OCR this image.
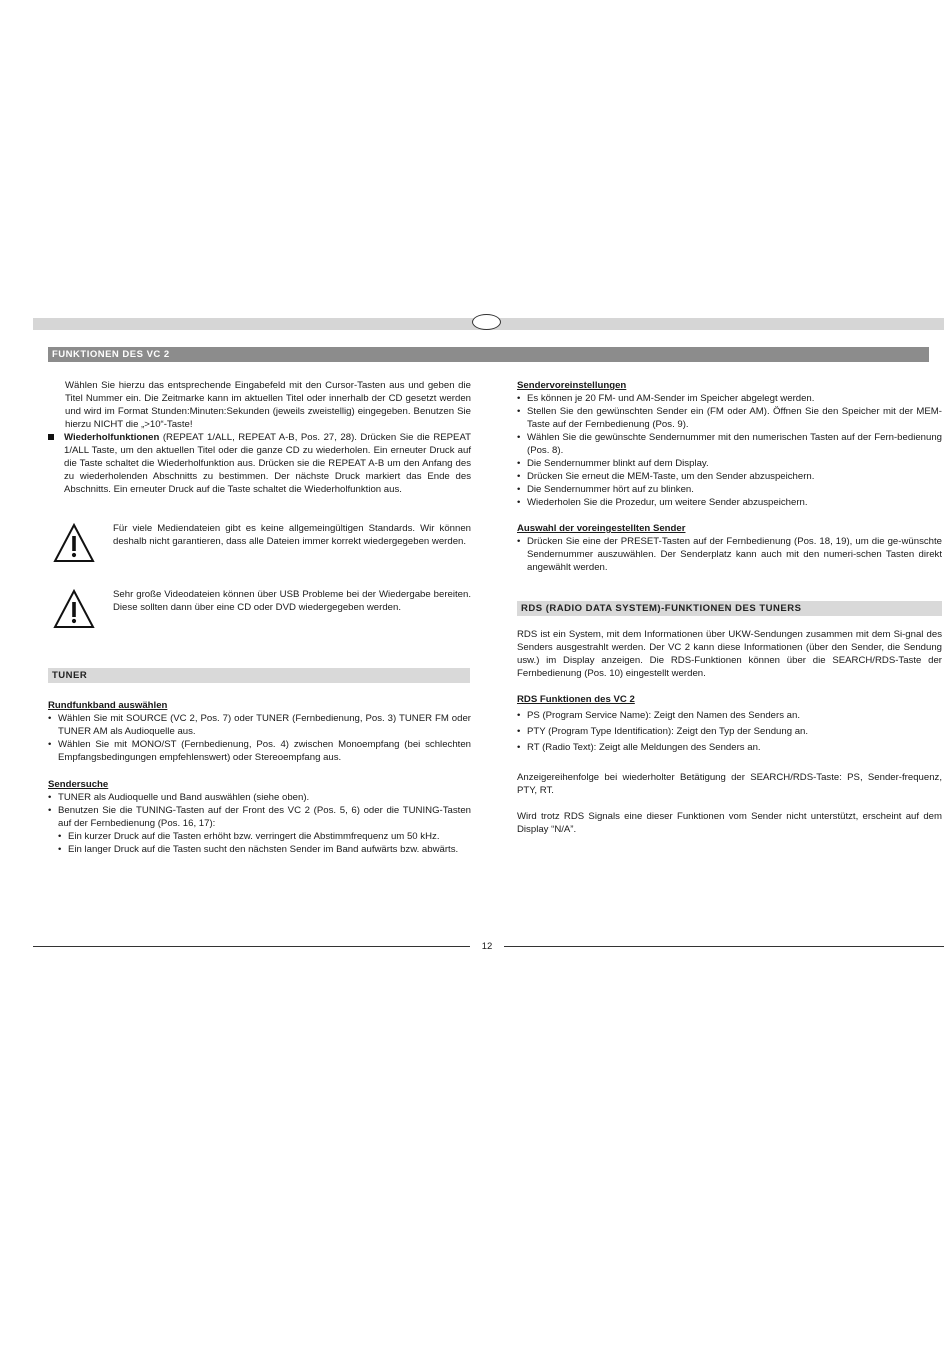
FUNKTIONEN DES VC 2

Wählen Sie hierzu das entsprechende Eingabefeld mit den Cursor-Tasten aus und geben die Titel Nummer ein. Die Zeitmarke kann im aktuellen Titel oder innerhalb der CD gesetzt werden und wird im Format Stunden:Minuten:Sekunden (jeweils zweistellig) eingegeben. Benutzen Sie hierzu NICHT die „>10“-Taste!

Wiederholfunktionen (REPEAT 1/ALL, REPEAT A-B, Pos. 27, 28). Drücken Sie die REPEAT 1/ALL Taste, um den aktuellen Titel oder die ganze CD zu wiederholen. Ein erneuter Druck auf die Taste schaltet die Wiederholfunktion aus. Drücken sie die REPEAT A-B um den Anfang des zu wiederholenden Abschnitts zu bestimmen. Der nächste Druck markiert das Ende des Abschnitts. Ein erneuter Druck auf die Taste schaltet die Wiederholfunktion aus.

Für viele Mediendateien gibt es keine allgemeingültigen Standards. Wir können deshalb nicht garantieren, dass alle Dateien immer korrekt wiedergegeben werden.

Sehr große Videodateien können über USB Probleme bei der Wiedergabe bereiten. Diese sollten dann über eine CD oder DVD wiedergegeben werden.

TUNER

Rundfunkband auswählen

• Wählen Sie mit SOURCE (VC 2, Pos. 7) oder TUNER (Fernbedienung, Pos. 3) TUNER FM oder TUNER AM als Audioquelle aus.
• Wählen Sie mit MONO/ST (Fernbedienung, Pos. 4) zwischen Monoempfang (bei schlechten Empfangsbedingungen empfehlenswert) oder Stereoempfang aus.

Sendersuche

• TUNER als Audioquelle und Band auswählen (siehe oben).
• Benutzen Sie die TUNING-Tasten auf der Front des VC 2 (Pos. 5, 6) oder die TUNING-Tasten auf der Fernbedienung (Pos. 16, 17):
• Ein kurzer Druck auf die Tasten erhöht bzw. verringert die Abstimmfrequenz um 50 kHz.
• Ein langer Druck auf die Tasten sucht den nächsten Sender im Band aufwärts bzw. abwärts.

Sendervoreinstellungen

• Es können je 20 FM- und AM-Sender im Speicher abgelegt werden.
• Stellen Sie den gewünschten Sender ein (FM oder AM). Öffnen Sie den Speicher mit der MEM-Taste auf der Fernbedienung (Pos. 9).
• Wählen Sie die gewünschte Sendernummer mit den numerischen Tasten auf der Fern-bedienung (Pos. 8).
• Die Sendernummer blinkt auf dem Display.
• Drücken Sie erneut die MEM-Taste, um den Sender abzuspeichern.
• Die Sendernummer hört auf zu blinken.
• Wiederholen Sie die Prozedur, um weitere Sender abzuspeichern.

Auswahl der voreingestellten Sender

• Drücken Sie eine der PRESET-Tasten auf der Fernbedienung (Pos. 18, 19), um die ge-wünschte Sendernummer auszuwählen. Der Senderplatz kann auch mit den numeri-schen Tasten direkt angewählt werden.
RDS (RADIO DATA SYSTEM)-FUNKTIONEN DES TUNERS

RDS ist ein System, mit dem Informationen über UKW-Sendungen zusammen mit dem Si-gnal des Senders ausgestrahlt werden. Der VC 2 kann diese Informationen (über den Sender, die Sendung usw.) im Display anzeigen. Die RDS-Funktionen können über die SEARCH/RDS-Taste der Fernbedienung (Pos. 10) eingestellt werden.

RDS Funktionen des VC 2

• PS (Program Service Name): Zeigt den Namen des Senders an.
• PTY (Program Type Identification): Zeigt den Typ der Sendung an.
• RT (Radio Text): Zeigt alle Meldungen des Senders an.

Anzeigereihenfolge bei wiederholter Betätigung der SEARCH/RDS-Taste: PS, Sender-frequenz, PTY, RT.

Wird trotz RDS Signals eine dieser Funktionen vom Sender nicht unterstützt, erscheint auf dem Display “N/A”.

12
